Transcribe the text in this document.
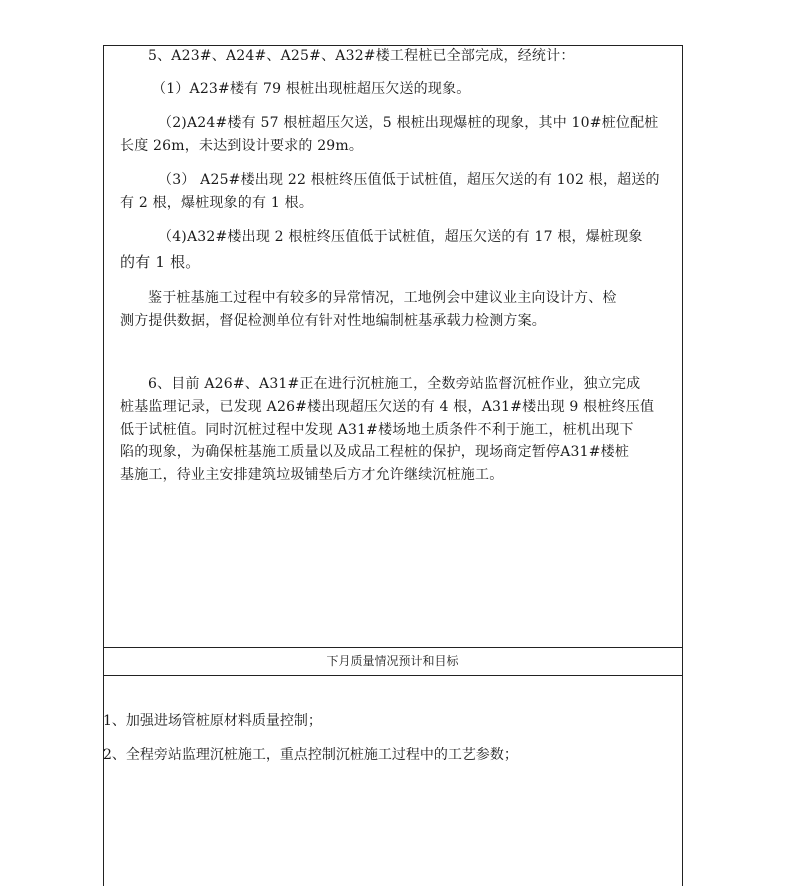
5、A23#、A24#、A25#、A32#楼工程桩已全部完成，经统计：
（1）A23#楼有 79 根桩出现桩超压欠送的现象。
（2)A24#楼有 57 根桩超压欠送，5 根桩出现爆桩的现象，其中 10#桩位配桩
长度 26m，未达到设计要求的 29m。
（3） A25#楼出现 22 根桩终压值低于试桩值，超压欠送的有 102 根，超送的
有 2 根，爆桩现象的有 1 根。
（4)A32#楼出现 2 根桩终压值低于试桩值，超压欠送的有 17 根，爆桩现象
的有 1 根。
鉴于桩基施工过程中有较多的异常情况，工地例会中建议业主向设计方、检
测方提供数据，督促检测单位有针对性地编制桩基承载力检测方案。
6、目前 A26#、A31#正在进行沉桩施工，全数旁站监督沉桩作业，独立完成
桩基监理记录，已发现 A26#楼出现超压欠送的有 4 根，A31#楼出现 9 根桩终压值
低于试桩值。同时沉桩过程中发现 A31#楼场地土质条件不利于施工，桩机出现下
陷的现象，为确保桩基施工质量以及成品工程桩的保护，现场商定暂停A31#楼桩
基施工，待业主安排建筑垃圾铺垫后方才允许继续沉桩施工。
下月质量情况预计和目标
1、加强进场管桩原材料质量控制；
2、全程旁站监理沉桩施工，重点控制沉桩施工过程中的工艺参数；
